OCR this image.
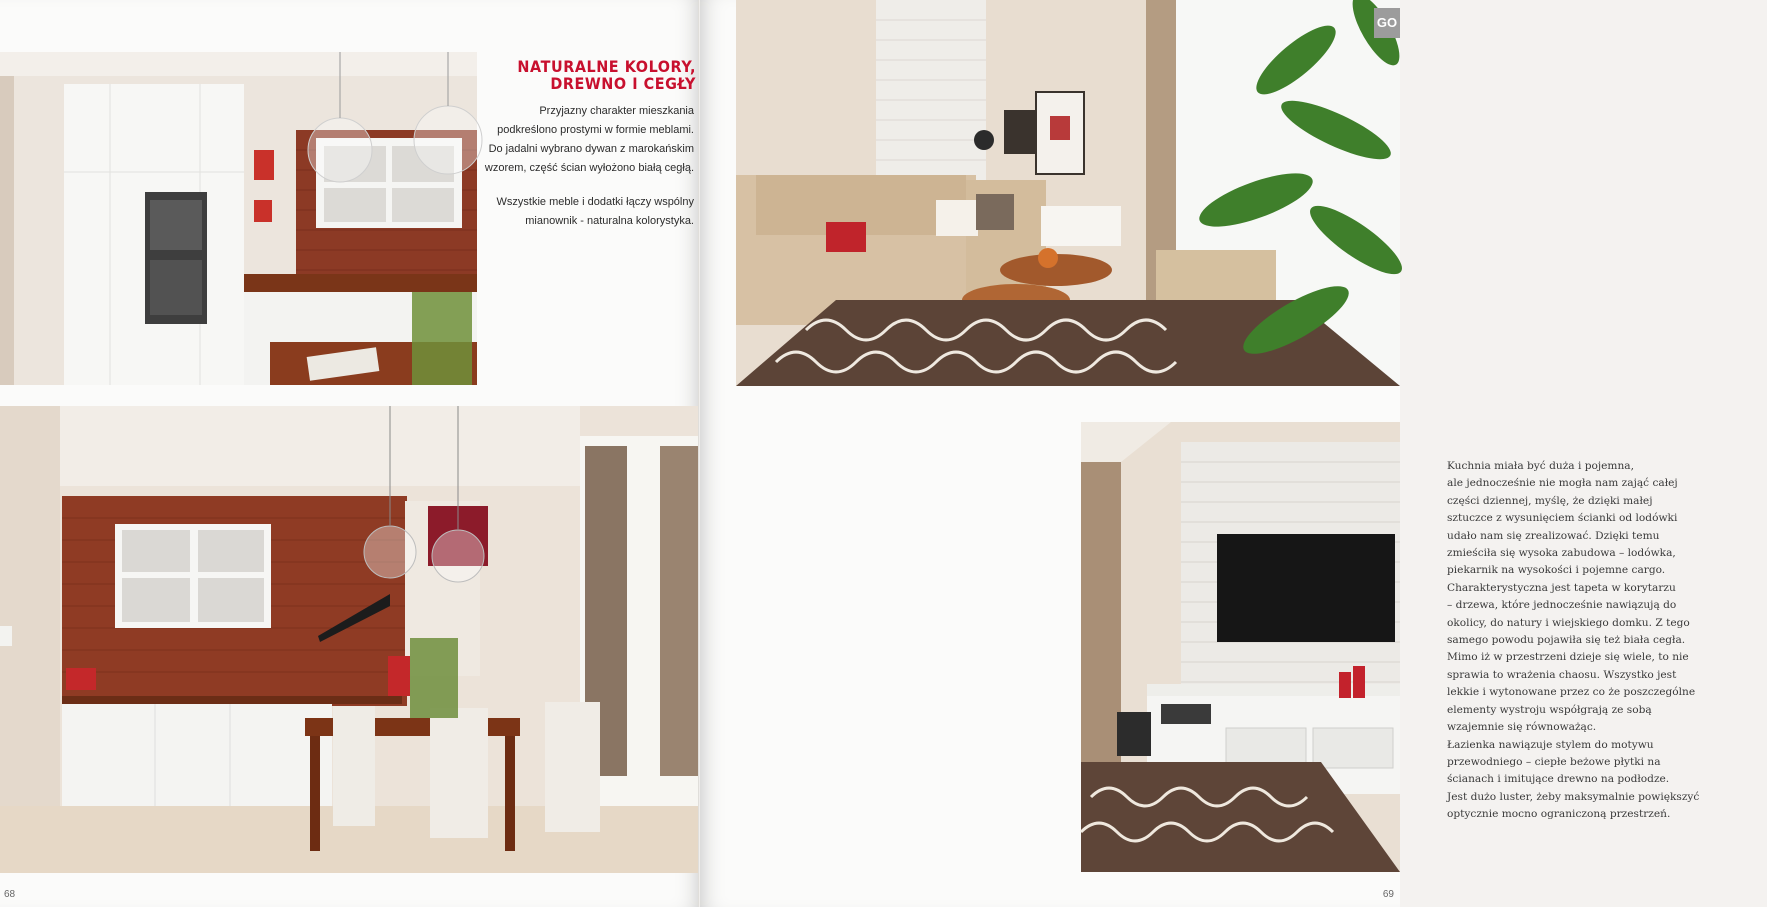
NATURALNE KOLORY,
DREWNO I CEGŁY

Przyjazny charakter mieszkania podkreślono prostymi w formie meblami. Do jadalni wybrano dywan z marokańskim wzorem, część ścian wyłożono białą cegłą.

Wszystkie meble i dodatki łączy wspólny mianownik - naturalna kolorystyka.

68
GO
Kuchnia miała być duża i pojemna,
ale jednocześnie nie mogła nam zająć całej
części dziennej, myślę, że dzięki małej
sztuczce z wysunięciem ścianki od lodówki
udało nam się zrealizować. Dzięki temu
zmieściła się wysoka zabudowa – lodówka,
piekarnik na wysokości i pojemne cargo.
Charakterystyczna jest tapeta w korytarzu
– drzewa, które jednocześnie nawiązują do
okolicy, do natury i wiejskiego domku. Z tego
samego powodu pojawiła się też biała cegła.
Mimo iż w przestrzeni dzieje się wiele, to nie
sprawia to wrażenia chaosu. Wszystko jest
lekkie i wytonowane przez co że poszczególne
elementy wystroju współgrają ze sobą
wzajemnie się równoważąc.
Łazienka nawiązuje stylem do motywu
przewodniego – ciepłe beżowe płytki na
ścianach i imitujące drewno na podłodze.
Jest dużo luster, żeby maksymalnie powiększyć
optycznie mocno ograniczoną przestrzeń.
69
